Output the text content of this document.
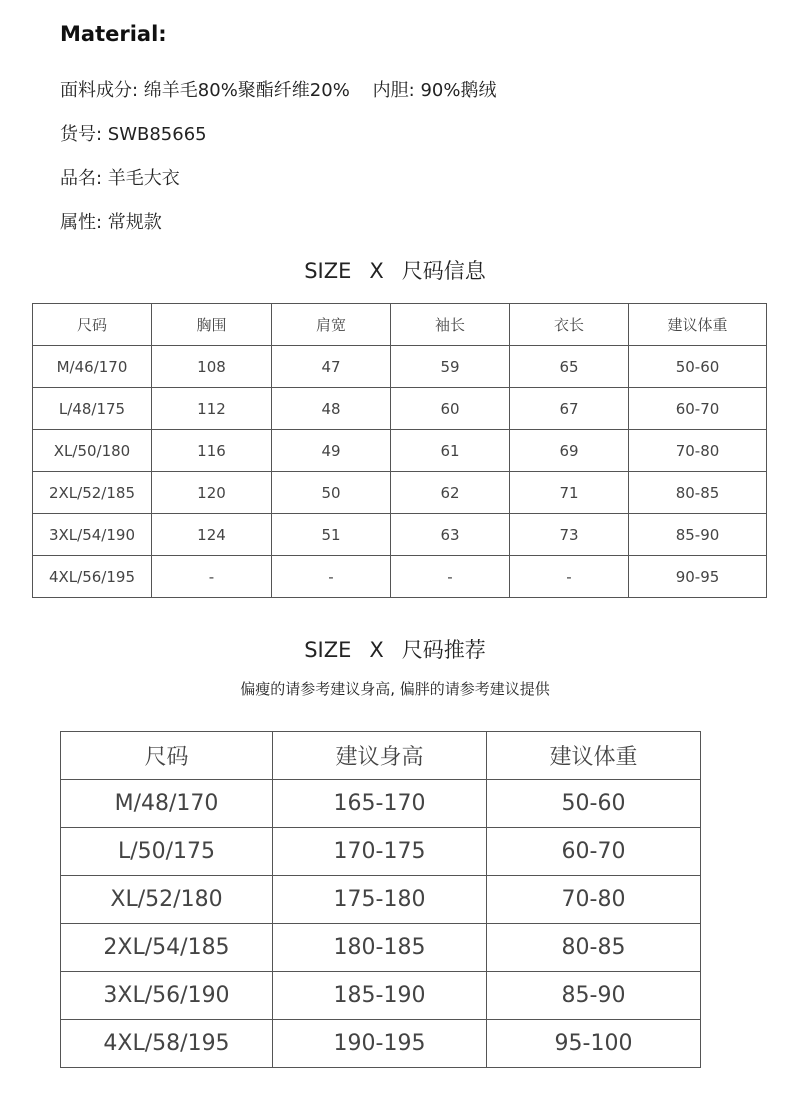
Material:
面料成分: 绵羊毛80%聚酯纤维20%    内胆: 90%鹅绒
货号: SWB85665
品名: 羊毛大衣
属性: 常规款
SIZE X 尺码信息
尺码	胸围	肩宽	袖长	衣长	建议体重
M/46/170	108	47	59	65	50-60
L/48/175	112	48	60	67	60-70
XL/50/180	116	49	61	69	70-80
2XL/52/185	120	50	62	71	80-85
3XL/54/190	124	51	63	73	85-90
4XL/56/195	-	-	-	-	90-95
SIZE X 尺码推荐
偏瘦的请参考建议身高, 偏胖的请参考建议提供
尺码	建议身高	建议体重
M/48/170	165-170	50-60
L/50/175	170-175	60-70
XL/52/180	175-180	70-80
2XL/54/185	180-185	80-85
3XL/56/190	185-190	85-90
4XL/58/195	190-195	95-100
